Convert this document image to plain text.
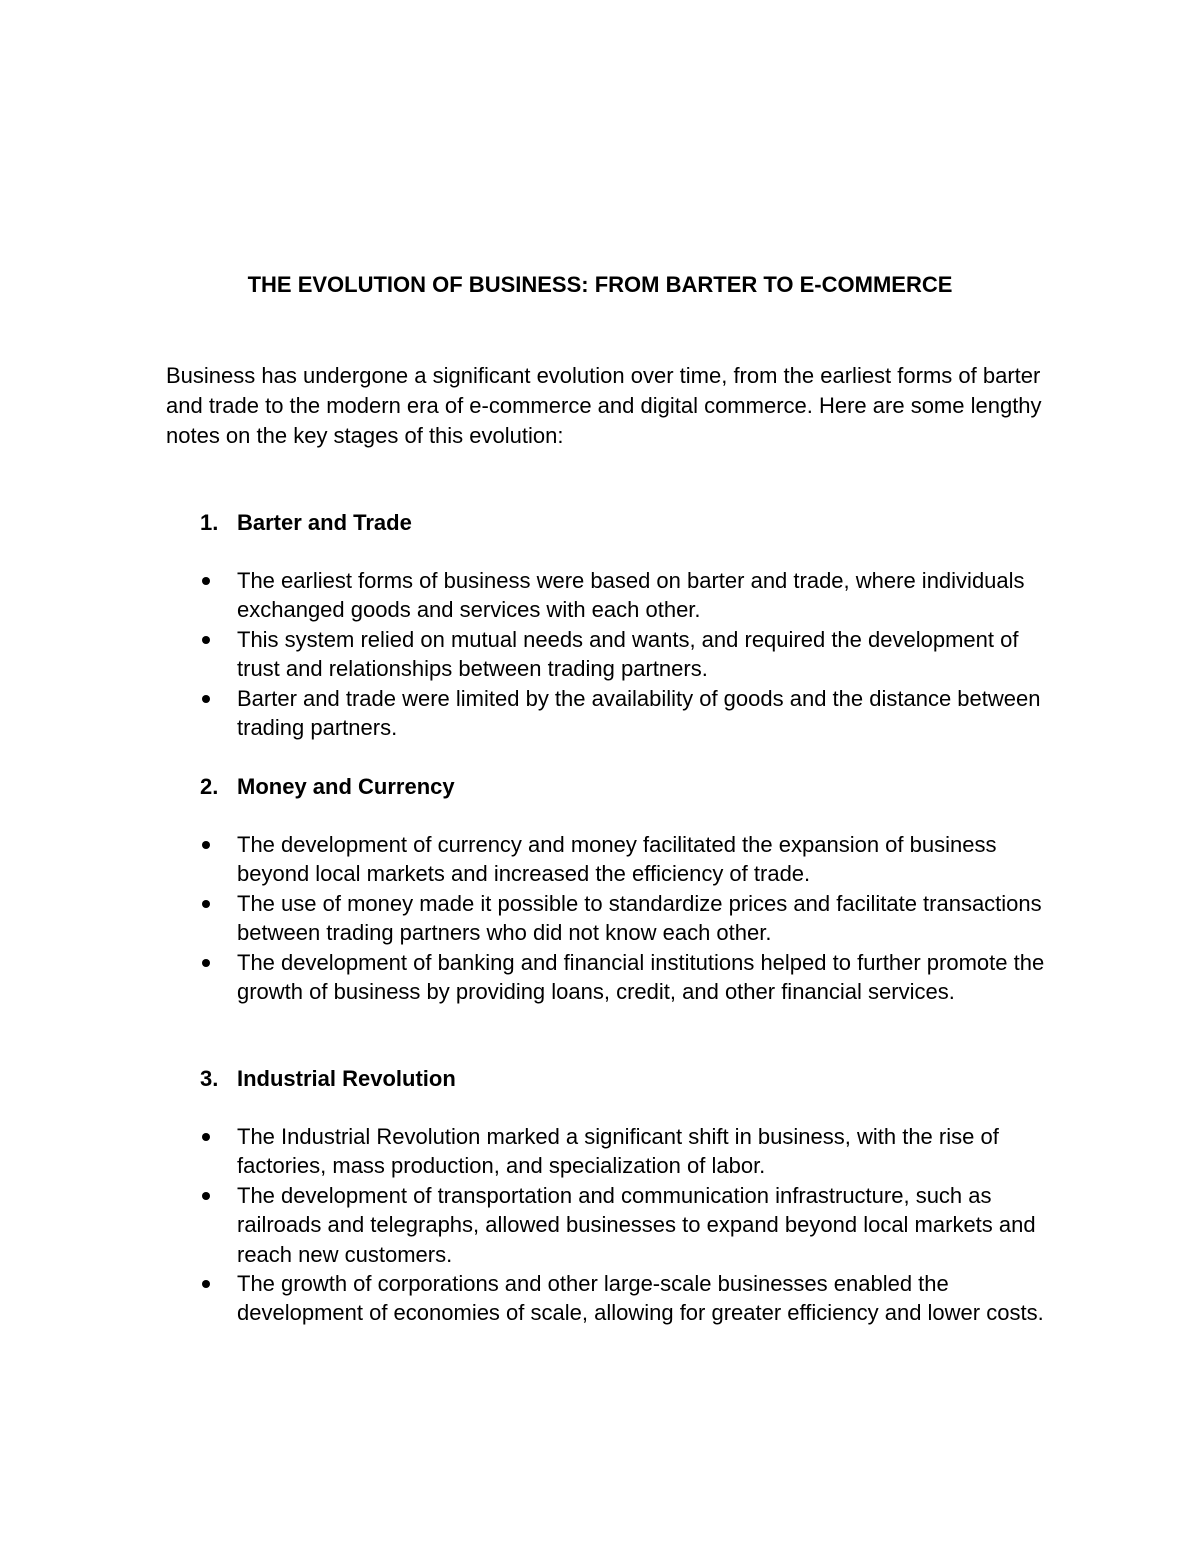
THE EVOLUTION OF BUSINESS: FROM BARTER TO E-COMMERCE

Business has undergone a significant evolution over time, from the earliest forms of barter and trade to the modern era of e-commerce and digital commerce. Here are some lengthy notes on the key stages of this evolution:

1. Barter and Trade
The earliest forms of business were based on barter and trade, where individuals exchanged goods and services with each other.
This system relied on mutual needs and wants, and required the development of trust and relationships between trading partners.
Barter and trade were limited by the availability of goods and the distance between trading partners.
2. Money and Currency
The development of currency and money facilitated the expansion of business beyond local markets and increased the efficiency of trade.
The use of money made it possible to standardize prices and facilitate transactions between trading partners who did not know each other.
The development of banking and financial institutions helped to further promote the growth of business by providing loans, credit, and other financial services.
3. Industrial Revolution
The Industrial Revolution marked a significant shift in business, with the rise of factories, mass production, and specialization of labor.
The development of transportation and communication infrastructure, such as railroads and telegraphs, allowed businesses to expand beyond local markets and reach new customers.
The growth of corporations and other large-scale businesses enabled the development of economies of scale, allowing for greater efficiency and lower costs.
